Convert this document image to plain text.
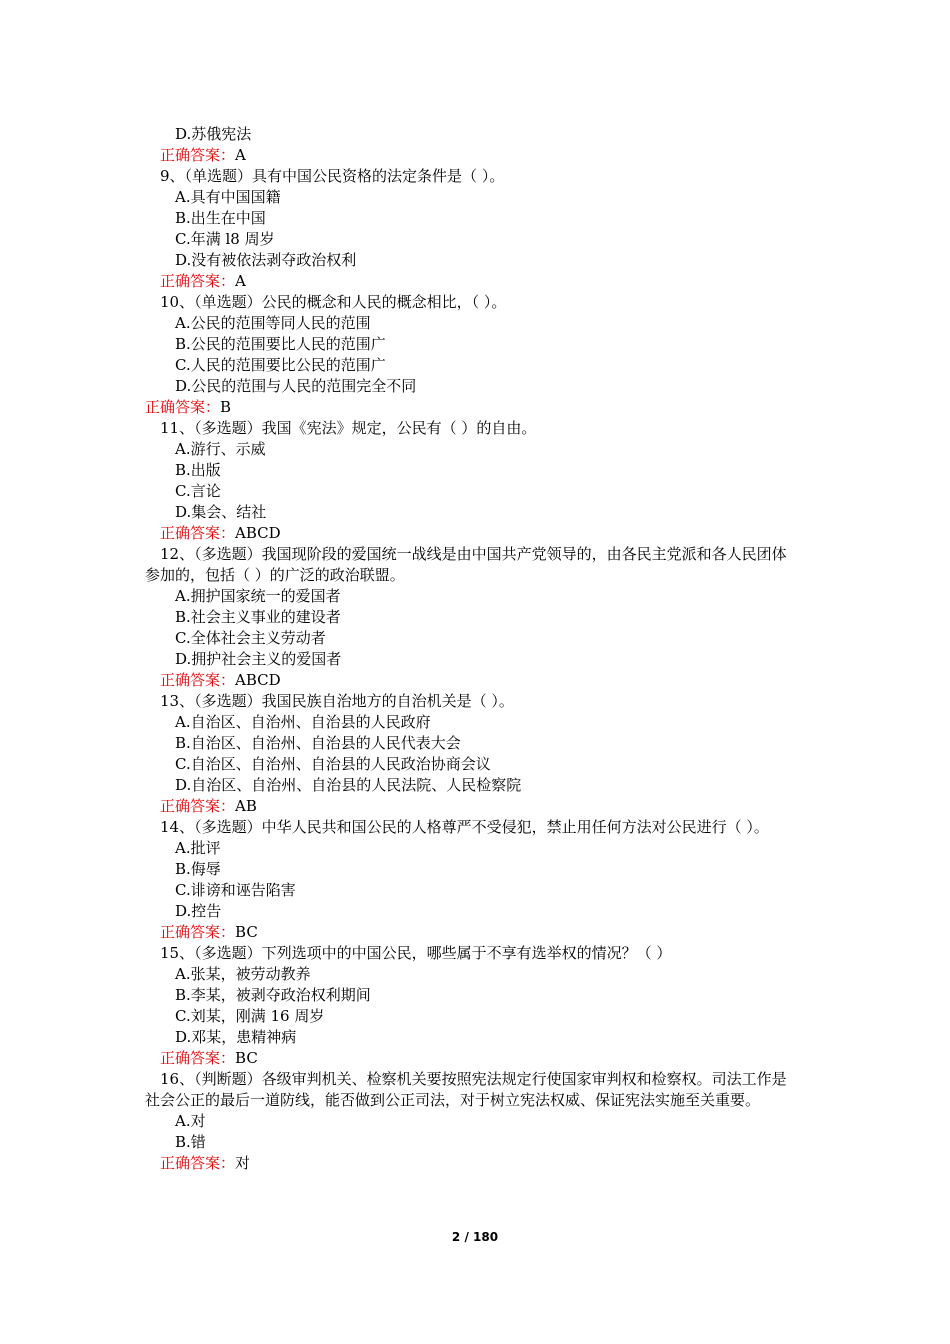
D.苏俄宪法
正确答案：A
9、（单选题）具有中国公民资格的法定条件是（ ）。
A.具有中国国籍
B.出生在中国
C.年满 l8 周岁
D.没有被依法剥夺政治权利
正确答案：A
10、（单选题）公民的概念和人民的概念相比，（ ）。
A.公民的范围等同人民的范围
B.公民的范围要比人民的范围广
C.人民的范围要比公民的范围广
D.公民的范围与人民的范围完全不同
正确答案：B
11、（多选题）我国《宪法》规定，公民有（ ）的自由。
A.游行、示威
B.出版
C.言论
D.集会、结社
正确答案：ABCD
12、（多选题）我国现阶段的爱国统一战线是由中国共产党领导的，由各民主党派和各人民团体参加的，包括（ ）的广泛的政治联盟。
A.拥护国家统一的爱国者
B.社会主义事业的建设者
C.全体社会主义劳动者
D.拥护社会主义的爱国者
正确答案：ABCD
13、（多选题）我国民族自治地方的自治机关是（ ）。
A.自治区、自治州、自治县的人民政府
B.自治区、自治州、自治县的人民代表大会
C.自治区、自治州、自治县的人民政治协商会议
D.自治区、自治州、自治县的人民法院、人民检察院
正确答案：AB
14、（多选题）中华人民共和国公民的人格尊严不受侵犯，禁止用任何方法对公民进行（ ）。
A.批评
B.侮辱
C.诽谤和诬告陷害
D.控告
正确答案：BC
15、（多选题）下列选项中的中国公民，哪些属于不享有选举权的情况？（ ）
A.张某，被劳动教养
B.李某，被剥夺政治权利期间
C.刘某，刚满 16 周岁
D.邓某，患精神病
正确答案：BC
16、（判断题）各级审判机关、检察机关要按照宪法规定行使国家审判权和检察权。司法工作是社会公正的最后一道防线，能否做到公正司法，对于树立宪法权威、保证宪法实施至关重要。
A.对
B.错
正确答案：对
2 / 180
